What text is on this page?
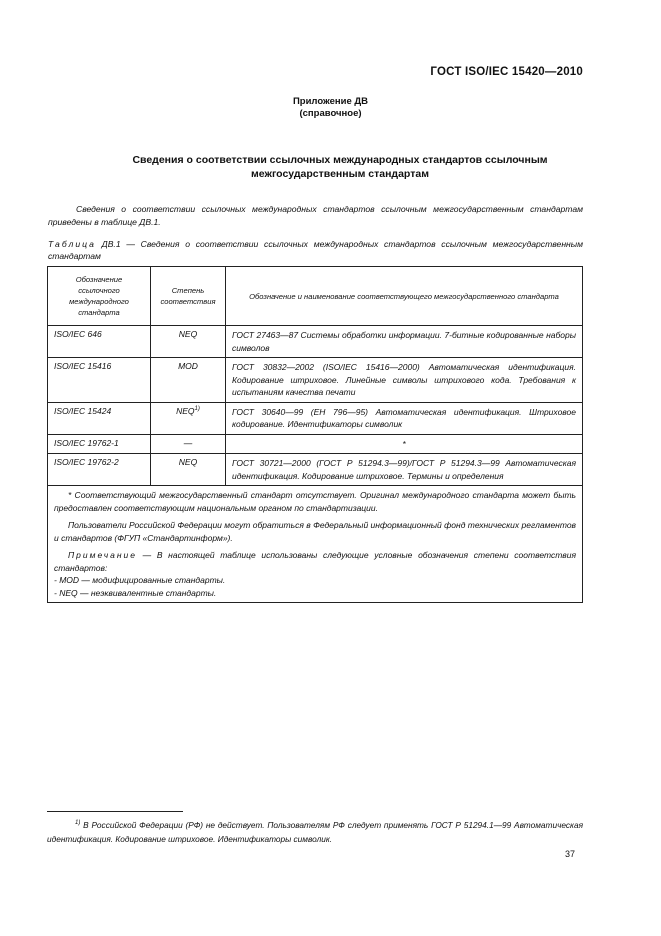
ГОСТ ISO/IEC 15420—2010
Приложение ДВ
(справочное)
Сведения о соответствии ссылочных международных стандартов ссылочным
межгосударственным стандартам
Сведения о соответствии ссылочных международных стандартов ссылочным межгосударственным стандартам приведены в таблице ДВ.1.
Таблица ДВ.1 — Сведения о соответствии ссылочных международных стандартов ссылочным межгосударственным стандартам
Обозначение ссылочного международного стандарта	Степень соответствия	Обозначение и наименование соответствующего межгосударственного стандарта
ISO/IEC 646	NEQ	ГОСТ 27463—87 Системы обработки информации. 7-битные кодированные наборы символов
ISO/IEC 15416	MOD	ГОСТ 30832—2002 (ISO/IEC 15416—2000) Автоматическая идентификация. Кодирование штриховое. Линейные символы штрихового кода. Требования к испытаниям качества печати
ISO/IEC 15424	NEQ$^{1)}$	ГОСТ 30640—99 (ЕН 796—95) Автоматическая идентификация. Штриховое кодирование. Идентификаторы символик
ISO/IEC 19762-1	—	*
ISO/IEC 19762-2	NEQ	ГОСТ 30721—2000 (ГОСТ Р 51294.3—99)/ГОСТ Р 51294.3—99 Автоматическая идентификация. Кодирование штриховое. Термины и определения

* Соответствующий межгосударственный стандарт отсутствует. Оригинал международного стандарта может быть предоставлен соответствующим национальным органом по стандартизации.

Пользователи Российской Федерации могут обратиться в Федеральный информационный фонд технических регламентов и стандартов (ФГУП «Стандартинформ»).

Примечание — В настоящей таблице использованы следующие условные обозначения степени соответствия стандартов:

- MOD — модифицированные стандарты.
- NEQ — неэквивалентные стандарты.		
$^{1)}$ В Российской Федерации (РФ) не действует. Пользователям РФ следует применять ГОСТ Р 51294.1—99 Автоматическая идентификация. Кодирование штриховое. Идентификаторы символик.
37
